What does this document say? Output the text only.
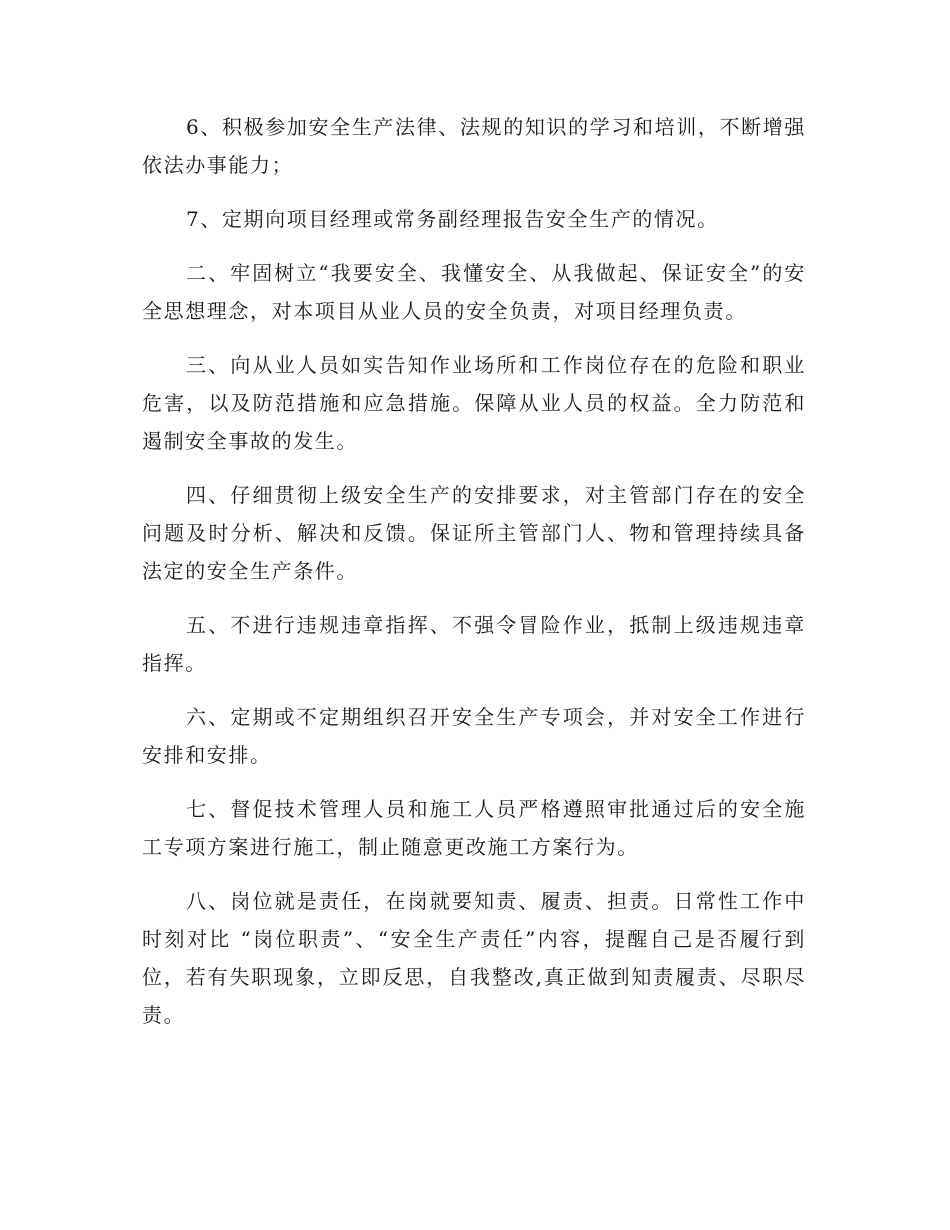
6、积极参加安全生产法律、法规的知识的学习和培训，不断增强依法办事能力；

7、定期向项目经理或常务副经理报告安全生产的情况。

二、牢固树立“我要安全、我懂安全、从我做起、保证安全”的安全思想理念，对本项目从业人员的安全负责，对项目经理负责。

三、向从业人员如实告知作业场所和工作岗位存在的危险和职业危害，以及防范措施和应急措施。保障从业人员的权益。全力防范和遏制安全事故的发生。

四、仔细贯彻上级安全生产的安排要求，对主管部门存在的安全问题及时分析、解决和反馈。保证所主管部门人、物和管理持续具备法定的安全生产条件。

五、不进行违规违章指挥、不强令冒险作业，抵制上级违规违章指挥。

六、定期或不定期组织召开安全生产专项会，并对安全工作进行安排和安排。

七、督促技术管理人员和施工人员严格遵照审批通过后的安全施工专项方案进行施工，制止随意更改施工方案行为。

八、岗位就是责任，在岗就要知责、履责、担责。日常性工作中时刻对比 “岗位职责”、“安全生产责任”内容，提醒自己是否履行到位，若有失职现象，立即反思，自我整改,真正做到知责履责、尽职尽责。
